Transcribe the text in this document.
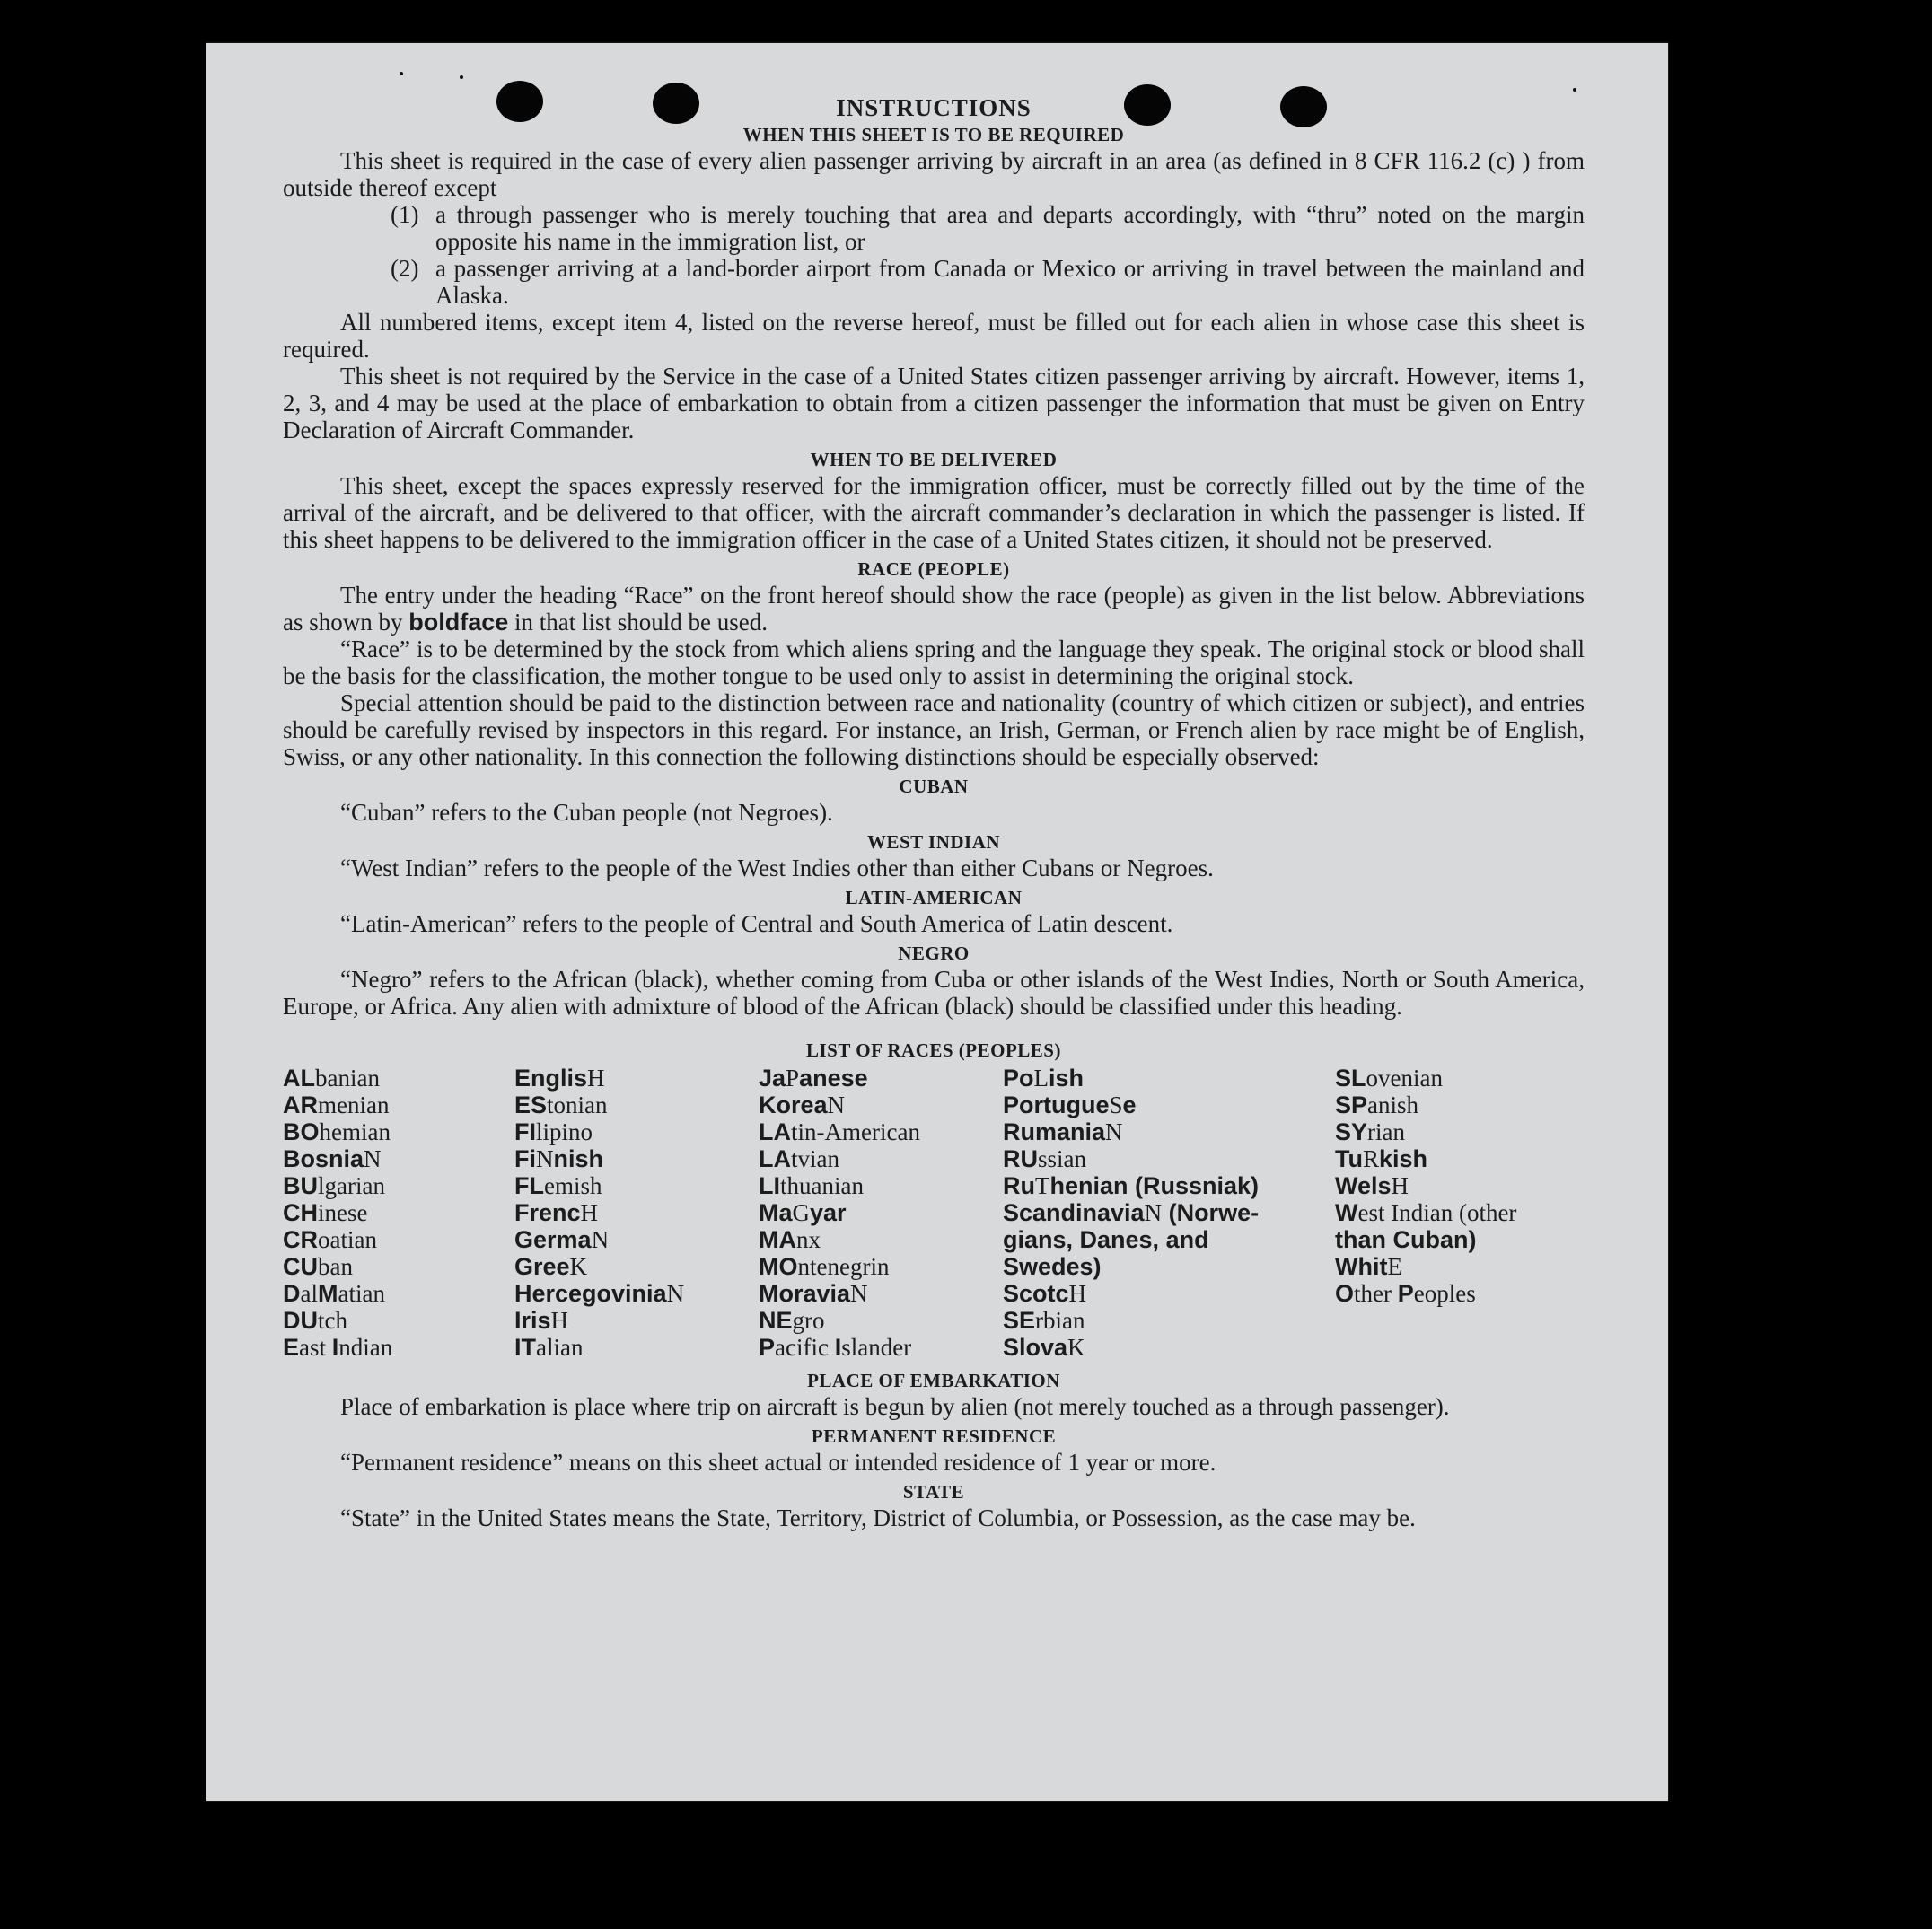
INSTRUCTIONS

WHEN THIS SHEET IS TO BE REQUIRED

This sheet is required in the case of every alien passenger arriving by aircraft in an area (as defined in 8 CFR 116.2 (c) ) from outside thereof except

(1) a through passenger who is merely touching that area and departs accordingly, with “thru” noted on the margin opposite his name in the immigration list, or
(2) a passenger arriving at a land-border airport from Canada or Mexico or arriving in travel between the mainland and Alaska.

All numbered items, except item 4, listed on the reverse hereof, must be filled out for each alien in whose case this sheet is required.

This sheet is not required by the Service in the case of a United States citizen passenger arriving by aircraft. However, items 1, 2, 3, and 4 may be used at the place of embarkation to obtain from a citizen passenger the information that must be given on Entry Declaration of Aircraft Commander.

WHEN TO BE DELIVERED

This sheet, except the spaces expressly reserved for the immigration officer, must be correctly filled out by the time of the arrival of the aircraft, and be delivered to that officer, with the aircraft commander’s declaration in which the passenger is listed. If this sheet happens to be delivered to the immigration officer in the case of a United States citizen, it should not be preserved.

RACE (PEOPLE)

The entry under the heading “Race” on the front hereof should show the race (people) as given in the list below. Abbreviations as shown by boldface in that list should be used.

“Race” is to be determined by the stock from which aliens spring and the language they speak. The original stock or blood shall be the basis for the classification, the mother tongue to be used only to assist in determining the original stock.

Special attention should be paid to the distinction between race and nationality (country of which citizen or subject), and entries should be carefully revised by inspectors in this regard. For instance, an Irish, German, or French alien by race might be of English, Swiss, or any other nationality. In this connection the following distinctions should be especially observed:

CUBAN

“Cuban” refers to the Cuban people (not Negroes).

WEST INDIAN

“West Indian” refers to the people of the West Indies other than either Cubans or Negroes.

LATIN-AMERICAN

“Latin-American” refers to the people of Central and South America of Latin descent.

NEGRO

“Negro” refers to the African (black), whether coming from Cuba or other islands of the West Indies, North or South America, Europe, or Africa. Any alien with admixture of blood of the African (black) should be classified under this heading.

LIST OF RACES (PEOPLES)

ALbanian
ARmenian
BOhemian
BosniaN
BUlgarian
CHinese
CRoatian
CUban
DalMatian
DUtch
East Indian
EnglisH
EStonian
FIlipino
FiNnish
FLemish
FrencH
GermaN
GreeK
HercegoviniaN
IrisH
ITalian
JaPanese
KoreaN
LAtin-American
LAtvian
LIthuanian
MaGyar
MAnx
MOntenegrin
MoraviaN
NEgro
Pacific Islander
PoLish
PortugueSe
RumaniaN
RUssian
RuThenian (Russniak)
ScandinaviaN (Norwe-
gians, Danes, and
Swedes)
ScotcH
SErbian
SlovaK
SLovenian
SPanish
SYrian
TuRkish
WelsH
West Indian (other
than Cuban)
WhitE
Other Peoples

PLACE OF EMBARKATION

Place of embarkation is place where trip on aircraft is begun by alien (not merely touched as a through passenger).

PERMANENT RESIDENCE

“Permanent residence” means on this sheet actual or intended residence of 1 year or more.

STATE

“State” in the United States means the State, Territory, District of Columbia, or Possession, as the case may be.
